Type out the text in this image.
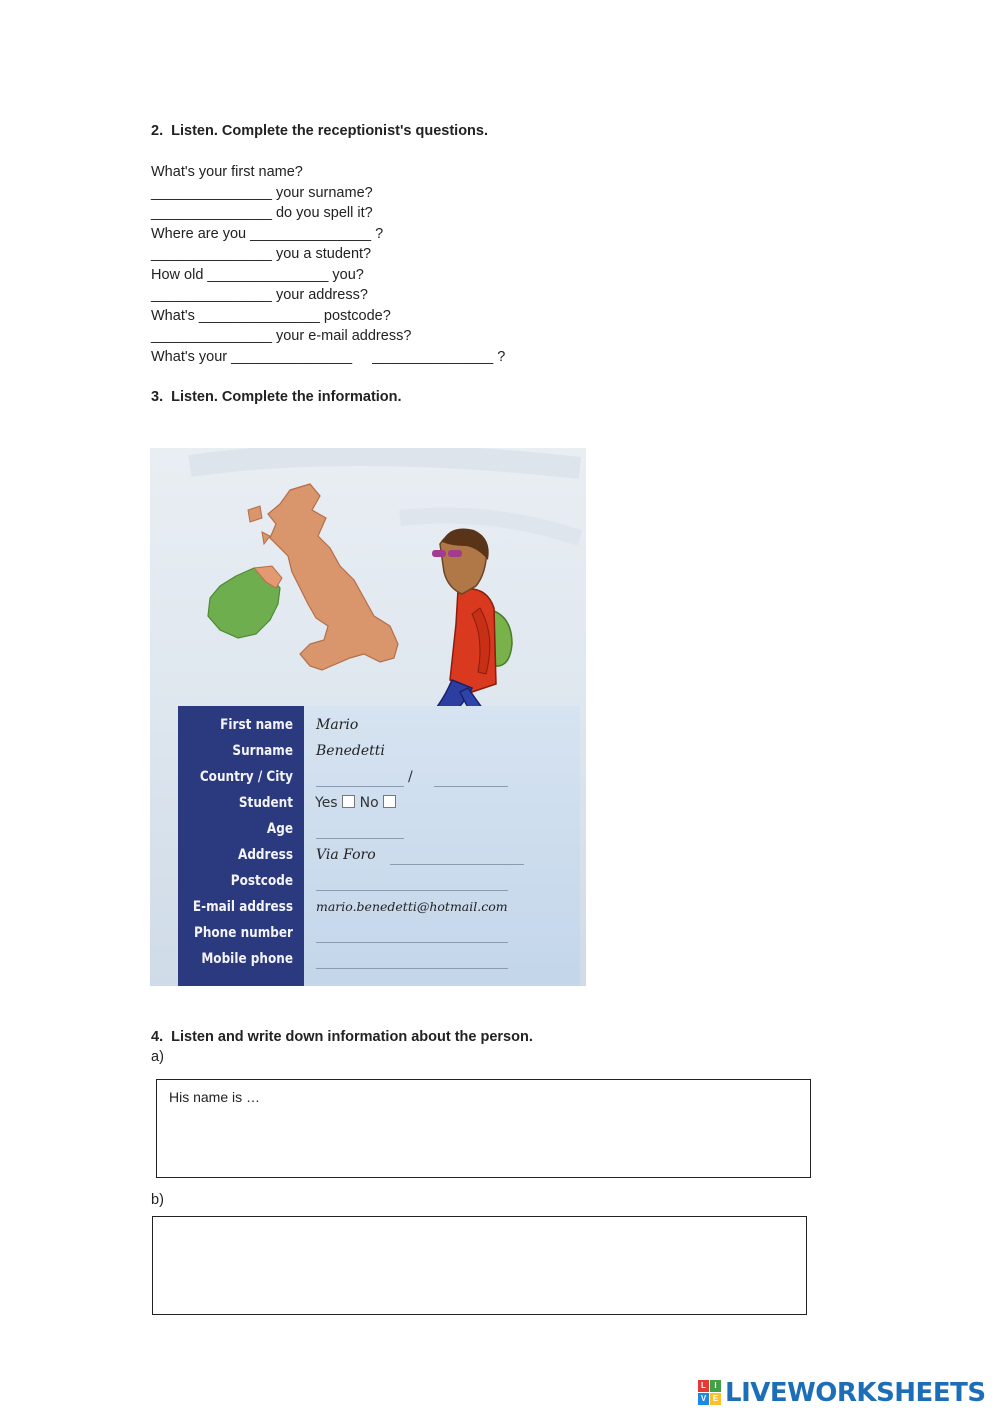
2.  Listen. Complete the receptionist's questions.
What's your first name?
_______________ your surname?
_______________ do you spell it?
Where are you _______________ ?
_______________ you a student?
How old _______________ you?
_______________ your address?
What's _______________ postcode?
_______________ your e-mail address?
What's your _______________     _______________ ?
3.  Listen. Complete the information.
First name Mario
Surname Benedetti
Country / City	/
Student Yes No
Age
Address Via Foro
Postcode
E-mail address mario.benedetti@hotmail.com
Phone number
Mobile phone
4.  Listen and write down information about the person.
a)
His name is …
b)
L	I
V E LIVEWORKSHEETS
